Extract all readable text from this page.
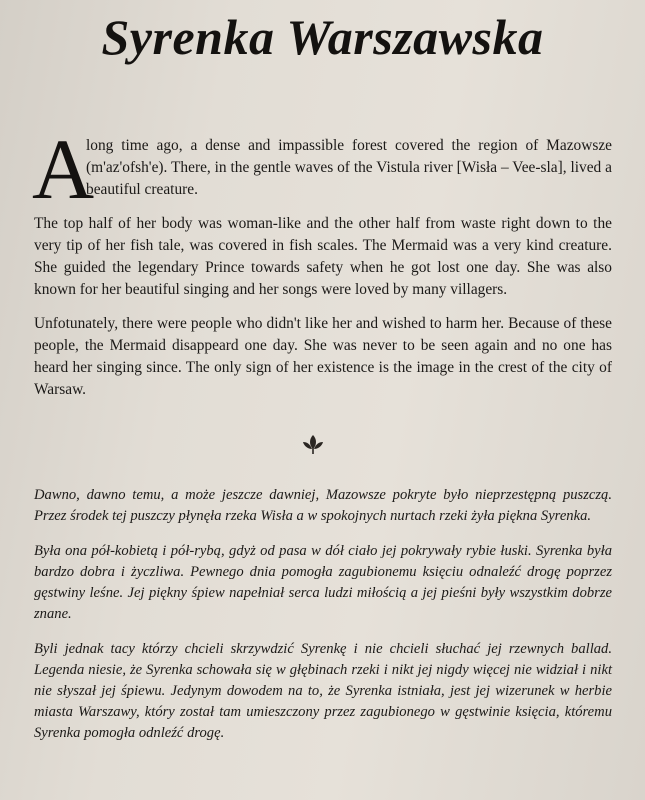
Syrenka Warszawska

A
long time ago, a dense and impassible forest covered the region of Mazowsze (m'az'ofsh'e). There, in the gentle waves of the Vistula river [Wisła – Vee-sla], lived a beautiful creature.

The top half of her body was woman-like and the other half from waste right down to the very tip of her fish tale, was covered in fish scales. The Mermaid was a very kind creature. She guided the legendary Prince towards safety when he got lost one day. She was also known for her beautiful singing and her songs were loved by many villagers.

Unfotunately, there were people who didn't like her and wished to harm her. Because of these people, the Mermaid disappeard one day. She was never to be seen again and no one has heard her singing since. The only sign of her existence is the image in the crest of the city of Warsaw.

Dawno, dawno temu, a może jeszcze dawniej, Mazowsze pokryte było nieprzestępną puszczą. Przez środek tej puszczy płynęła rzeka Wisła a w spokojnych nurtach rzeki żyła piękna Syrenka.

Była ona pół-kobietą i pół-rybą, gdyż od pasa w dół ciało jej pokrywały rybie łuski. Syrenka była bardzo dobra i życzliwa. Pewnego dnia pomogła zagubionemu księciu odnaleźć drogę poprzez gęstwiny leśne. Jej piękny śpiew napełniał serca ludzi miłością a jej pieśni były wszystkim dobrze znane.

Byli jednak tacy którzy chcieli skrzywdzić Syrenkę i nie chcieli słuchać jej rzewnych ballad. Legenda niesie, że Syrenka schowała się w głębinach rzeki i nikt jej nigdy więcej nie widział i nikt nie słyszał jej śpiewu. Jedynym dowodem na to, że Syrenka istniała, jest jej wizerunek w herbie miasta Warszawy, który został tam umieszczony przez zagubionego w gęstwinie księcia, któremu Syrenka pomogła odnleźć drogę.
